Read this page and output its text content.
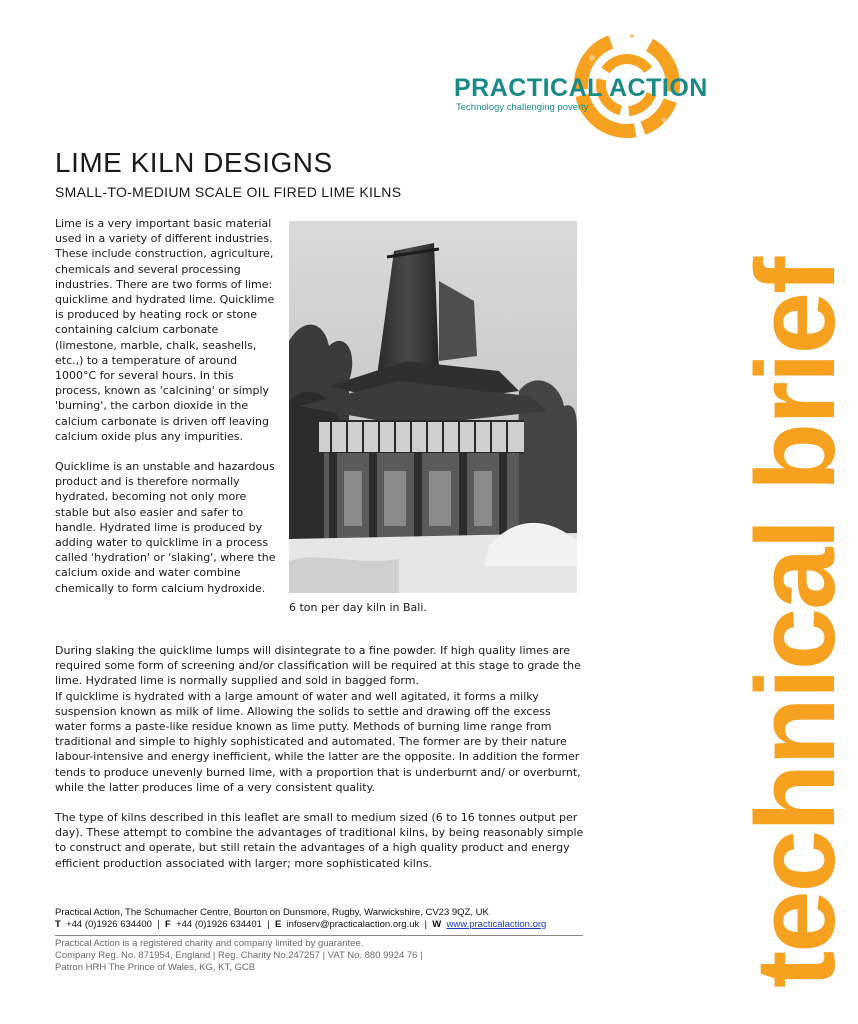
PRACTICAL ACTION
Technology challenging poverty
technical brief
LIME KILN DESIGNS
SMALL-TO-MEDIUM SCALE OIL FIRED LIME KILNS

Lime is a very important basic material used in a variety of different industries. These include construction, agriculture, chemicals and several processing industries. There are two forms of lime: quicklime and hydrated lime. Quicklime is produced by heating rock or stone containing calcium carbonate (limestone, marble, chalk, seashells, etc.,) to a temperature of around 1000°C for several hours. In this process, known as 'calcining' or simply 'burning', the carbon dioxide in the calcium carbonate is driven off leaving calcium oxide plus any impurities.

Quicklime is an unstable and hazardous product and is therefore normally hydrated, becoming not only more stable but also easier and safer to handle. Hydrated lime is produced by adding water to quicklime in a process called 'hydration' or 'slaking', where the calcium oxide and water combine chemically to form calcium hydroxide.

6 ton per day kiln in Bali.

During slaking the quicklime lumps will disintegrate to a fine powder. If high quality limes are required some form of screening and/or classification will be required at this stage to grade the lime. Hydrated lime is normally supplied and sold in bagged form.

If quicklime is hydrated with a large amount of water and well agitated, it forms a milky suspension known as milk of lime. Allowing the solids to settle and drawing off the excess water forms a paste-like residue known as lime putty. Methods of burning lime range from traditional and simple to highly sophisticated and automated. The former are by their nature labour-intensive and energy inefficient, while the latter are the opposite. In addition the former tends to produce unevenly burned lime, with a proportion that is underburnt and/ or overburnt, while the latter produces lime of a very consistent quality.

The type of kilns described in this leaflet are small to medium sized (6 to 16 tonnes output per day). These attempt to combine the advantages of traditional kilns, by being reasonably simple to construct and operate, but still retain the advantages of a high quality product and energy efficient production associated with larger; more sophisticated kilns.

Practical Action, The Schumacher Centre, Bourton on Dunsmore, Rugby, Warwickshire, CV23 9QZ, UK
T +44 (0)1926 634400 | F +44 (0)1926 634401 | E infoserv@practicalaction.org.uk | W www.practicalaction.org
Practical Action is a registered charity and company limited by guarantee.
Company Reg. No. 871954, England | Reg. Charity No.247257 | VAT No. 880 9924 76 |
Patron HRH The Prince of Wales, KG, KT, GCB
